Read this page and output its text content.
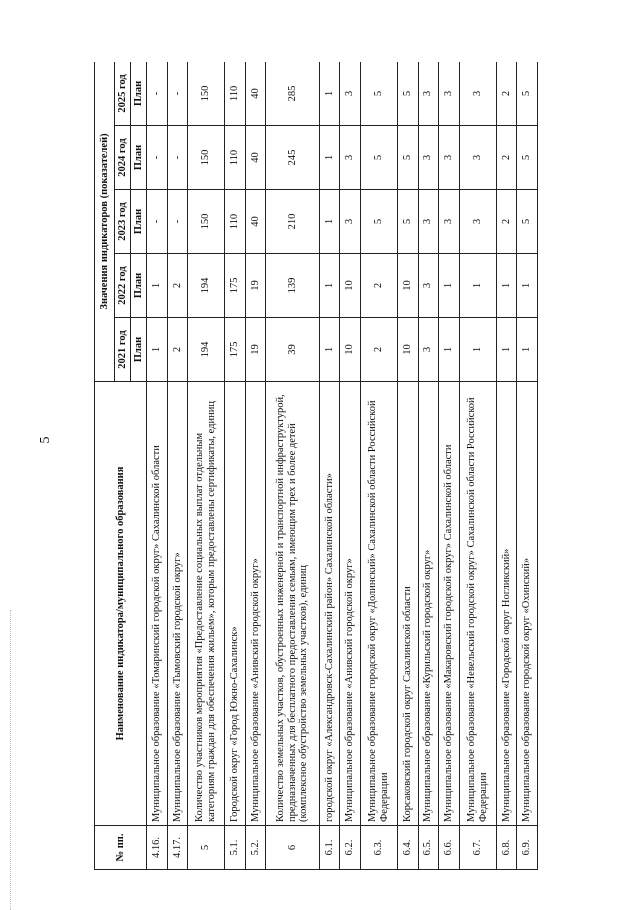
5
№ пп.	Наименование индикатора/муниципального образования	Значения индикаторов (показателей)				
		2021 год	2022 год	2023 год	2024 год	2025 год
		План	План	План	План	План
4.16.	Муниципальное образование «Томаринский городской округ» Сахалинской области	1	1	-	-	-
4.17.	Муниципальное образование «Тымовский городской округ»	2	2	-	-	-
5	Количество участников мероприятия «Предоставление социальных выплат отдельным категориям граждан для обеспечения жильем», которым предоставлены сертификаты, единиц	194	194	150	150	150
5.1.	Городской округ «Город Южно-Сахалинск»	175	175	110	110	110
5.2.	Муниципальное образование «Анивский городской округ»	19	19	40	40	40
6	Количество земельных участков, обустроенных инженерной и транспортной инфраструктурой, предназначенных для бесплатного предоставления семьям, имеющим трех и более детей (комплексное обустройство земельных участков), единиц	39	139	210	245	285
6.1.	городской округ «Александровск-Сахалинский район» Сахалинской области»	1	1	1	1	1
6.2.	Муниципальное образование «Анивский городской округ»	10	10	3	3	3
6.3.	Муниципальное образование городской округ «Долинский» Сахалинской области Российской Федерации	2	2	5	5	5
6.4.	Корсаковский городской округ Сахалинской области	10	10	5	5	5
6.5.	Муниципальное образование «Курильский городской округ»	3	3	3	3	3
6.6.	Муниципальное образование «Макаровский городской округ» Сахалинской области	1	1	3	3	3
6.7.	Муниципальное образование «Невельский городской округ» Сахалинской области Российской Федерации	1	1	3	3	3
6.8.	Муниципальное образование «Городской округ Ногликский»	1	1	2	2	2
6.9.	Муниципальное образование городской округ «Охинский»	1	1	5	5	5
